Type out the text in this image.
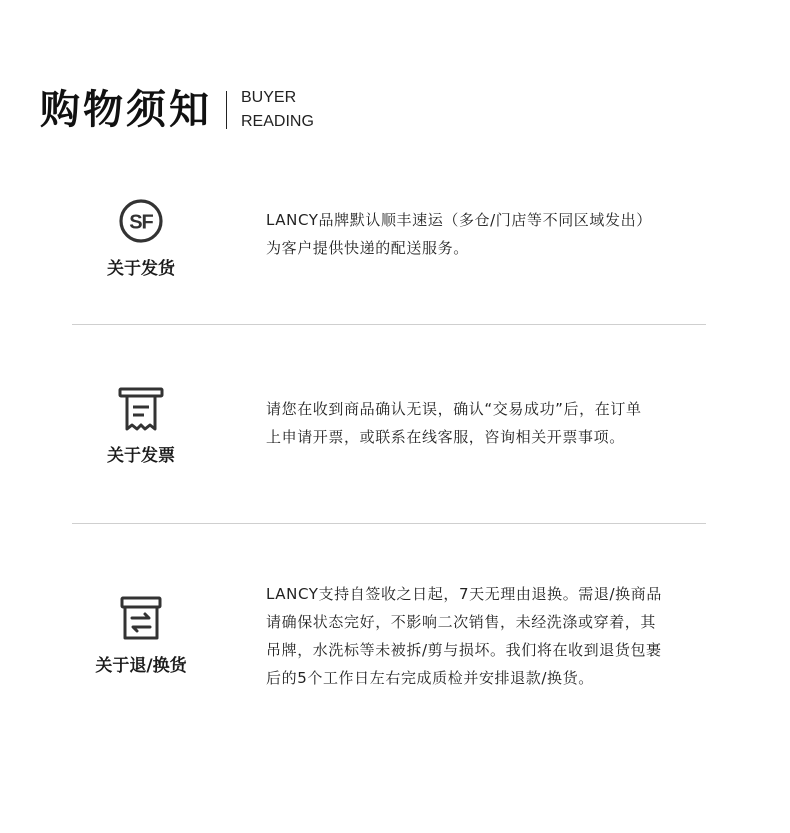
购物须知 BUYER
READING
SF
关于发货
LANCY品牌默认顺丰速运（多仓/门店等不同区域发出）
为客户提供快递的配送服务。
关于发票
请您在收到商品确认无误，确认“交易成功”后，在订单
上申请开票，或联系在线客服，咨询相关开票事项。
关于退/换货
LANCY支持自签收之日起，7天无理由退换。需退/换商品
请确保状态完好，不影响二次销售，未经洗涤或穿着，其
吊牌，水洗标等未被拆/剪与损坏。我们将在收到退货包裹
后的5个工作日左右完成质检并安排退款/换货。
